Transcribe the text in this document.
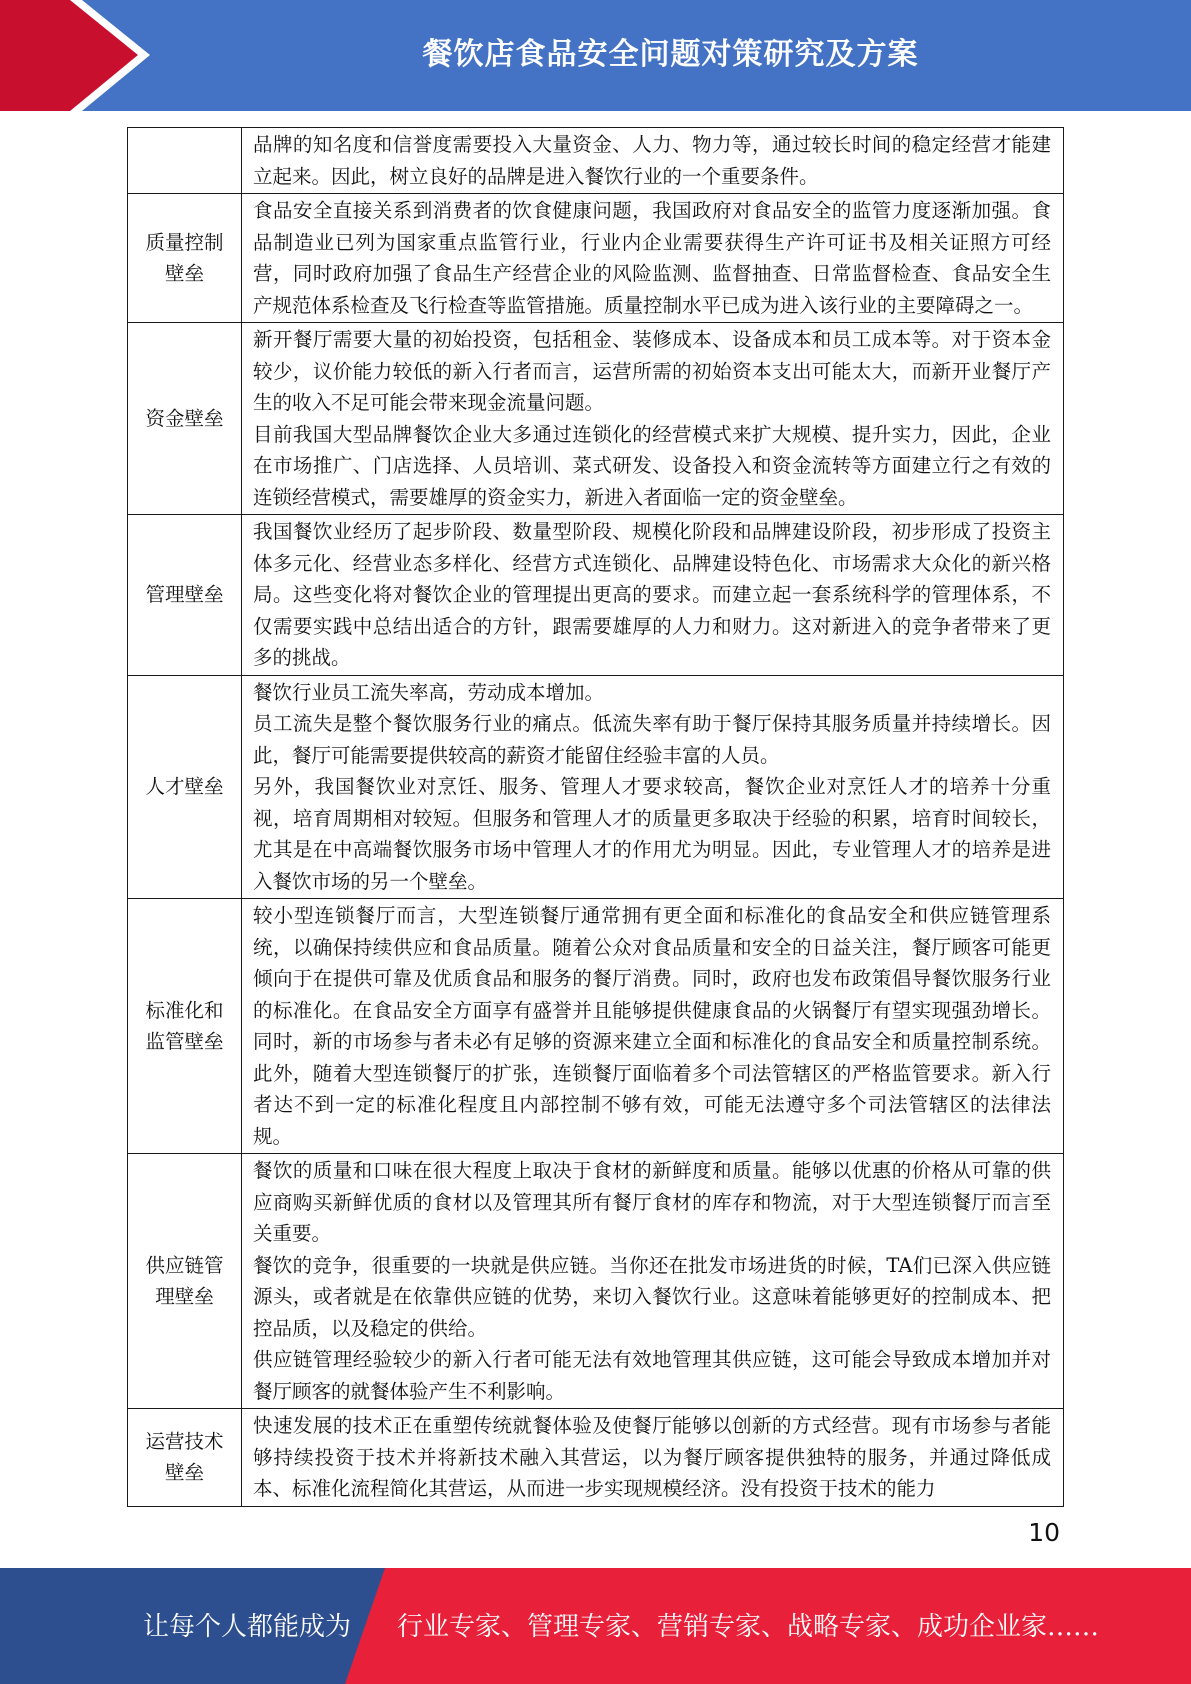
餐饮店食品安全问题对策研究及方案

	品牌的知名度和信誉度需要投入大量资金、人力、物力等，通过较长时间的稳定经营才能建立起来。因此，树立良好的品牌是进入餐饮行业的一个重要条件。

质量控制壁垒	食品安全直接关系到消费者的饮食健康问题，我国政府对食品安全的监管力度逐渐加强。食品制造业已列为国家重点监管行业，行业内企业需要获得生产许可证书及相关证照方可经营，同时政府加强了食品生产经营企业的风险监测、监督抽查、日常监督检查、食品安全生产规范体系检查及飞行检查等监管措施。质量控制水平已成为进入该行业的主要障碍之一。

资金壁垒	新开餐厅需要大量的初始投资，包括租金、装修成本、设备成本和员工成本等。对于资本金较少，议价能力较低的新入行者而言，运营所需的初始资本支出可能太大，而新开业餐厅产生的收入不足可能会带来现金流量问题。

目前我国大型品牌餐饮企业大多通过连锁化的经营模式来扩大规模、提升实力，因此，企业在市场推广、门店选择、人员培训、菜式研发、设备投入和资金流转等方面建立行之有效的连锁经营模式，需要雄厚的资金实力，新进入者面临一定的资金壁垒。

管理壁垒	我国餐饮业经历了起步阶段、数量型阶段、规模化阶段和品牌建设阶段，初步形成了投资主体多元化、经营业态多样化、经营方式连锁化、品牌建设特色化、市场需求大众化的新兴格局。这些变化将对餐饮企业的管理提出更高的要求。而建立起一套系统科学的管理体系，不仅需要实践中总结出适合的方针，跟需要雄厚的人力和财力。这对新进入的竞争者带来了更多的挑战。

人才壁垒	餐饮行业员工流失率高，劳动成本增加。

员工流失是整个餐饮服务行业的痛点。低流失率有助于餐厅保持其服务质量并持续增长。因此，餐厅可能需要提供较高的薪资才能留住经验丰富的人员。

另外，我国餐饮业对烹饪、服务、管理人才要求较高，餐饮企业对烹饪人才的培养十分重视，培育周期相对较短。但服务和管理人才的质量更多取决于经验的积累，培育时间较长，尤其是在中高端餐饮服务市场中管理人才的作用尤为明显。因此，专业管理人才的培养是进入餐饮市场的另一个壁垒。

标准化和监管壁垒	较小型连锁餐厅而言，大型连锁餐厅通常拥有更全面和标准化的食品安全和供应链管理系统，以确保持续供应和食品质量。随着公众对食品质量和安全的日益关注，餐厅顾客可能更倾向于在提供可靠及优质食品和服务的餐厅消费。同时，政府也发布政策倡导餐饮服务行业的标准化。在食品安全方面享有盛誉并且能够提供健康食品的火锅餐厅有望实现强劲增长。同时，新的市场参与者未必有足够的资源来建立全面和标准化的食品安全和质量控制系统。此外，随着大型连锁餐厅的扩张，连锁餐厅面临着多个司法管辖区的严格监管要求。新入行者达不到一定的标准化程度且内部控制不够有效，可能无法遵守多个司法管辖区的法律法规。

供应链管理壁垒	餐饮的质量和口味在很大程度上取决于食材的新鲜度和质量。能够以优惠的价格从可靠的供应商购买新鲜优质的食材以及管理其所有餐厅食材的库存和物流，对于大型连锁餐厅而言至关重要。

餐饮的竞争，很重要的一块就是供应链。当你还在批发市场进货的时候，TA们已深入供应链源头，或者就是在依靠供应链的优势，来切入餐饮行业。这意味着能够更好的控制成本、把控品质，以及稳定的供给。

供应链管理经验较少的新入行者可能无法有效地管理其供应链，这可能会导致成本增加并对餐厅顾客的就餐体验产生不利影响。

运营技术壁垒	快速发展的技术正在重塑传统就餐体验及使餐厅能够以创新的方式经营。现有市场参与者能够持续投资于技术并将新技术融入其营运，以为餐厅顾客提供独特的服务，并通过降低成本、标准化流程简化其营运，从而进一步实现规模经济。没有投资于技术的能力

10
让每个人都能成为 行业专家、管理专家、营销专家、战略专家、成功企业家……
